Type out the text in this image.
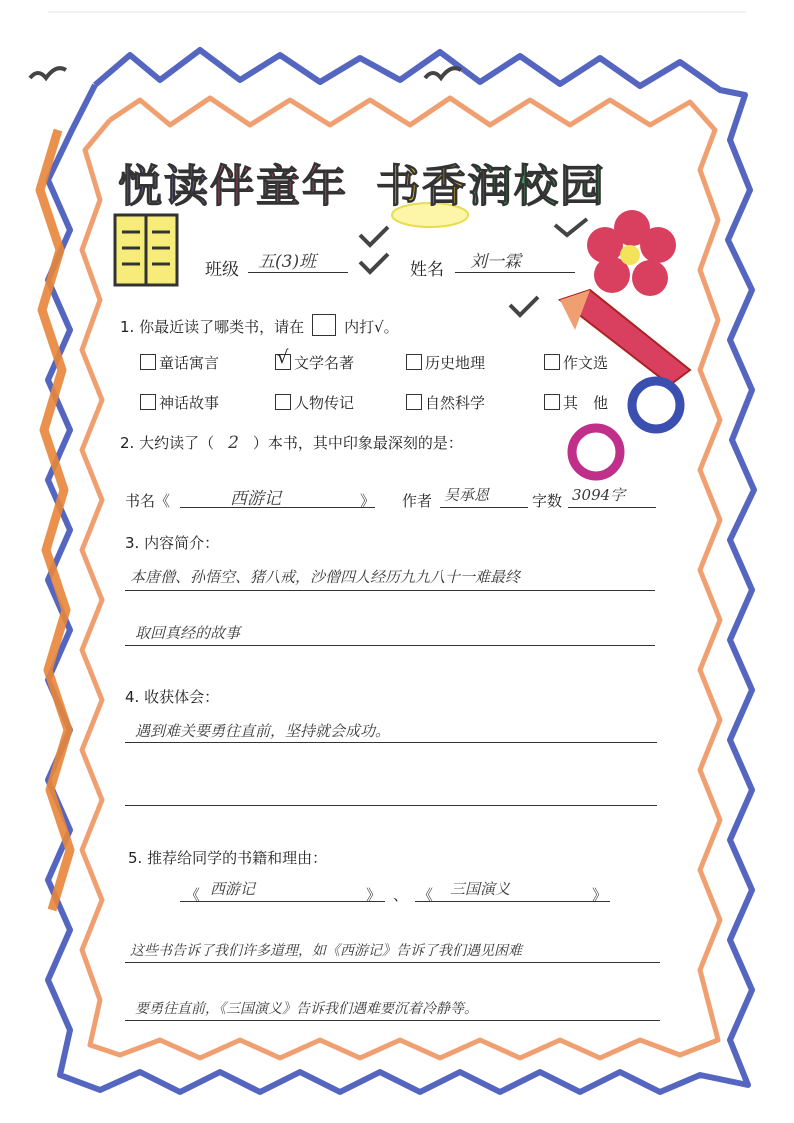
悦读伴童年 书香润校园
班级 五(3)班	姓名 刘一霖
1. 你最近读了哪类书，请在	内打√。
童话寓言	√ 文学名著	历史地理	作文选
神话故事	人物传记	自然科学	其　他
2. 大约读了（ 2 ）本书，其中印象最深刻的是：
书名《	西游记	》 作者 吴承恩	字数 3094字
3. 内容简介：
本唐僧、孙悟空、猪八戒，沙僧四人经历九九八十一难最终
取回真经的故事
4. 收获体会：
遇到难关要勇往直前，坚持就会成功。
5. 推荐给同学的书籍和理由：
《 西游记	》 、 《 三国演义	》
这些书告诉了我们许多道理，如《西游记》告诉了我们遇见困难
要勇往直前，《三国演义》告诉我们遇难要沉着冷静等。
